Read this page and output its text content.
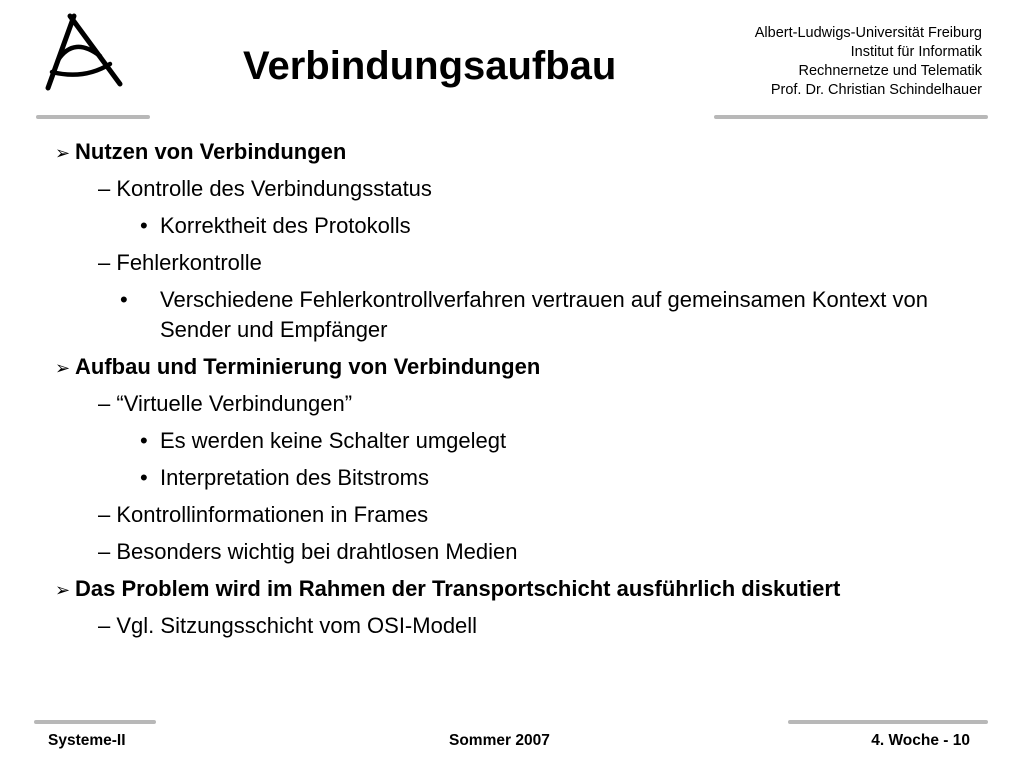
Verbindungsaufbau
Albert-Ludwigs-Universität Freiburg
Institut für Informatik
Rechnernetze und Telematik
Prof. Dr. Christian Schindelhauer
➢ Nutzen von Verbindungen
– Kontrolle des Verbindungsstatus
• Korrektheit des Protokolls
– Fehlerkontrolle
• Verschiedene Fehlerkontrollverfahren vertrauen auf gemeinsamen Kontext von Sender und Empfänger
➢ Aufbau und Terminierung von Verbindungen
– “Virtuelle Verbindungen”
• Es werden keine Schalter umgelegt
• Interpretation des Bitstroms
– Kontrollinformationen in Frames
– Besonders wichtig bei drahtlosen Medien
➢ Das Problem wird im Rahmen der Transportschicht ausführlich diskutiert
– Vgl. Sitzungsschicht vom OSI-Modell
Systeme-II	Sommer 2007	4. Woche - 10
